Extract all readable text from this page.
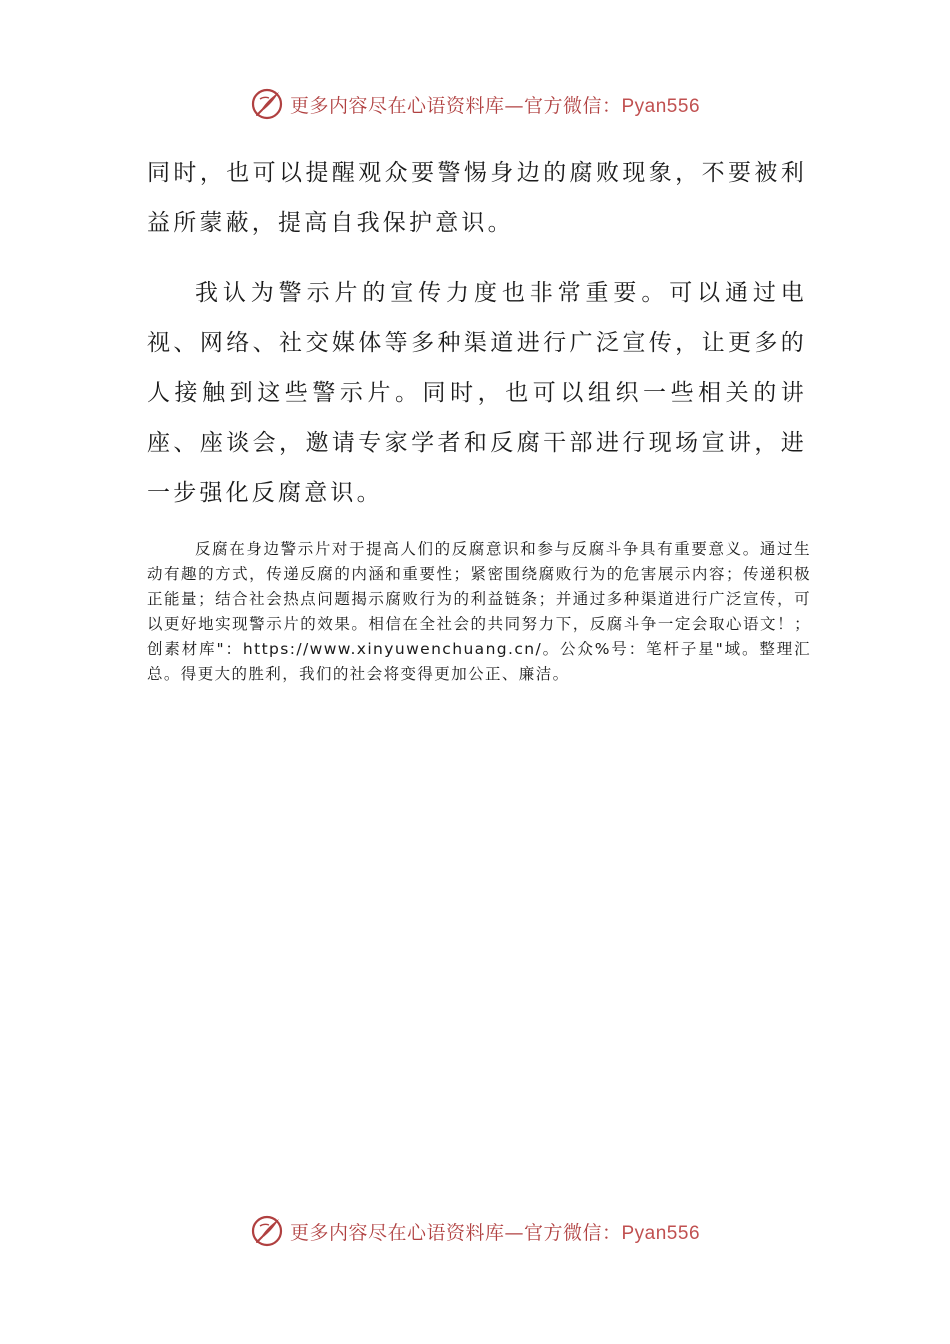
更多内容尽在心语资料库—官方微信：Pyan556

同时，也可以提醒观众要警惕身边的腐败现象，不要被利益所蒙蔽，提高自我保护意识。

我认为警示片的宣传力度也非常重要。可以通过电视、网络、社交媒体等多种渠道进行广泛宣传，让更多的人接触到这些警示片。同时，也可以组织一些相关的讲座、座谈会，邀请专家学者和反腐干部进行现场宣讲，进一步强化反腐意识。

反腐在身边警示片对于提高人们的反腐意识和参与反腐斗争具有重要意义。通过生动有趣的方式，传递反腐的内涵和重要性；紧密围绕腐败行为的危害展示内容；传递积极正能量；结合社会热点问题揭示腐败行为的利益链条；并通过多种渠道进行广泛宣传，可以更好地实现警示片的效果。相信在全社会的共同努力下，反腐斗争一定会取心语文！；创素材库"：https://www.xinyuwenchuang.cn/。公众%号：笔杆子星"域。整理汇总。得更大的胜利，我们的社会将变得更加公正、廉洁。

更多内容尽在心语资料库—官方微信：Pyan556
